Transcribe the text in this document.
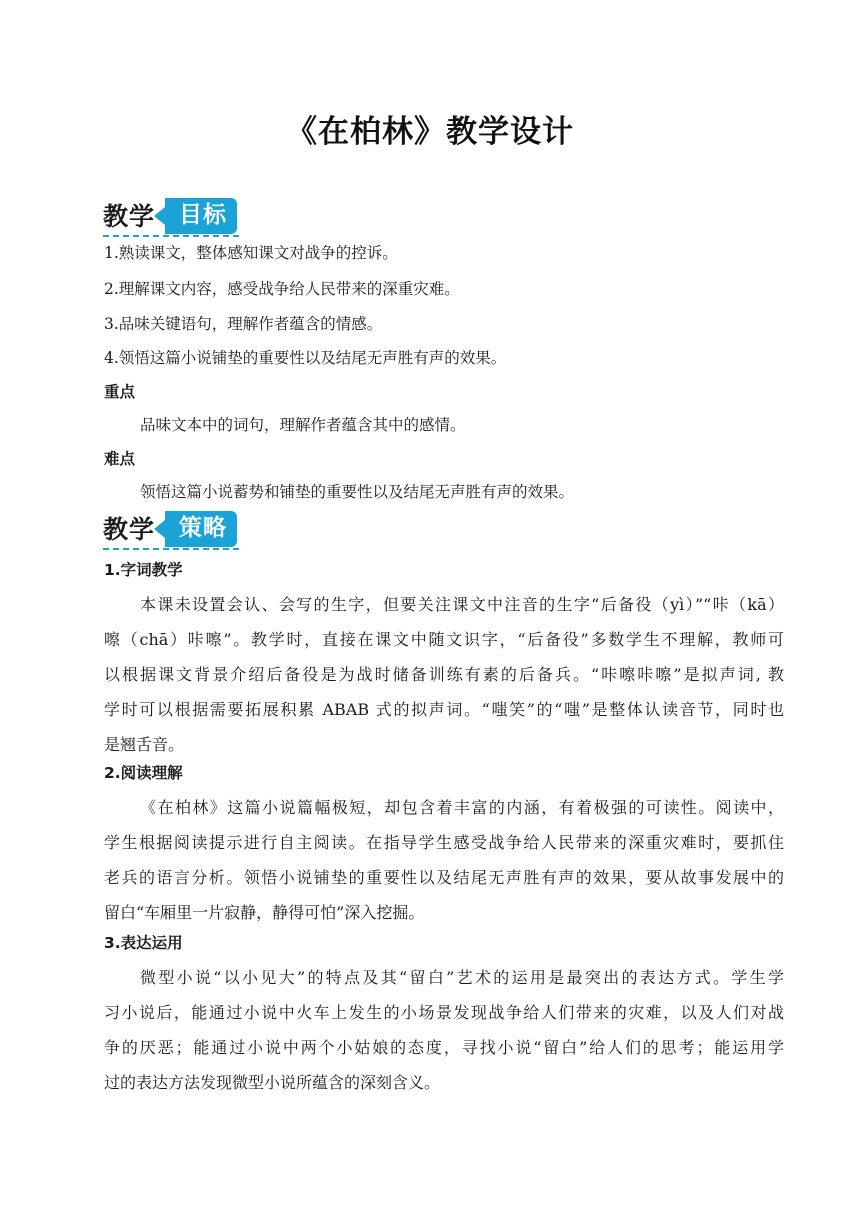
《在柏林》教学设计
教学	目标

1.熟读课文，整体感知课文对战争的控诉。

2.理解课文内容，感受战争给人民带来的深重灾难。

3.品味关键语句，理解作者蕴含的情感。

4.领悟这篇小说铺垫的重要性以及结尾无声胜有声的效果。

重点

品味文本中的词句，理解作者蕴含其中的感情。

难点

领悟这篇小说蓄势和铺垫的重要性以及结尾无声胜有声的效果。

教学	策略

1.字词教学

本课未设置会认、会写的生字，但要关注课文中注音的生字“后备役（yì）”“咔（kā）
嚓（chā）咔嚓”。教学时，直接在课文中随文识字，“后备役”多数学生不理解，教师可
以根据课文背景介绍后备役是为战时储备训练有素的后备兵。“咔嚓咔嚓”是拟声词, 教
学时可以根据需要拓展积累 ABAB 式的拟声词。“嗤笑”的“嗤”是整体认读音节，同时也
是翘舌音。

2.阅读理解

《在柏林》这篇小说篇幅极短，却包含着丰富的内涵，有着极强的可读性。阅读中，
学生根据阅读提示进行自主阅读。在指导学生感受战争给人民带来的深重灾难时，要抓住
老兵的语言分析。领悟小说铺垫的重要性以及结尾无声胜有声的效果，要从故事发展中的
留白“车厢里一片寂静，静得可怕”深入挖掘。

3.表达运用

微型小说“以小见大”的特点及其“留白”艺术的运用是最突出的表达方式。学生学
习小说后，能通过小说中火车上发生的小场景发现战争给人们带来的灾难，以及人们对战
争的厌恶；能通过小说中两个小姑娘的态度，寻找小说“留白”给人们的思考；能运用学
过的表达方法发现微型小说所蕴含的深刻含义。
